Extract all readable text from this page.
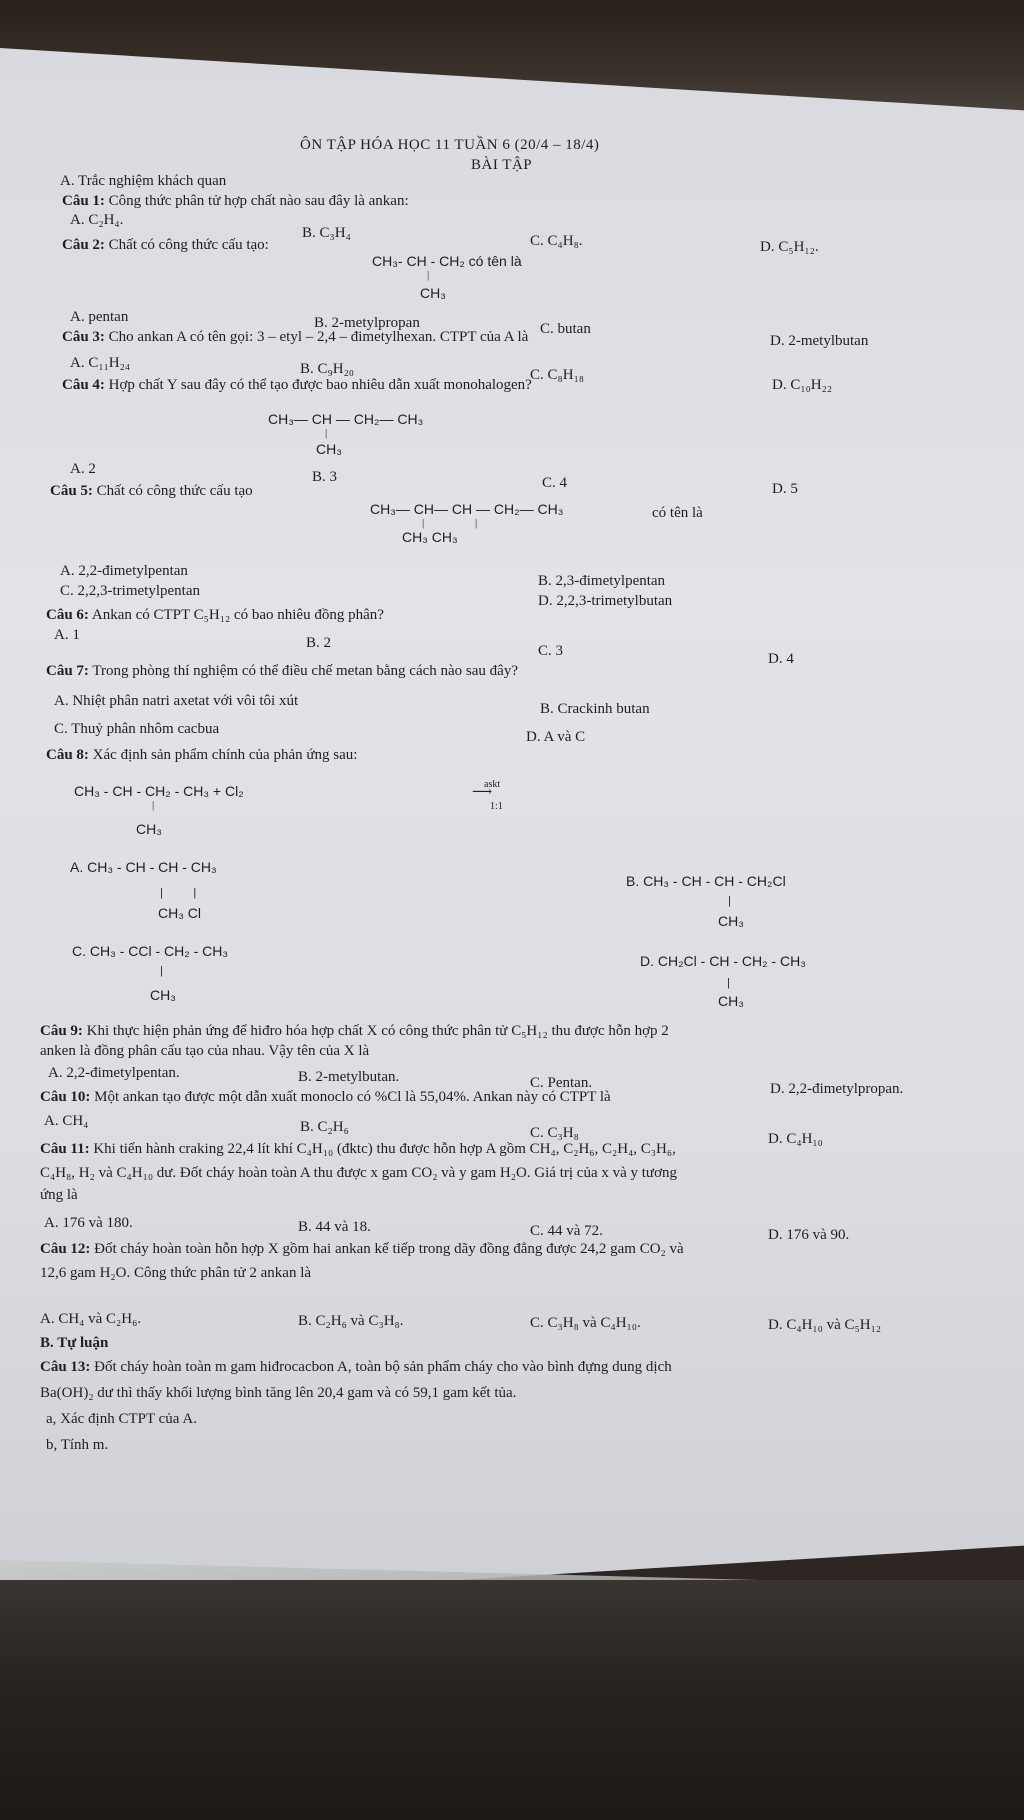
ÔN TẬP HÓA HỌC 11 TUẦN 6 (20/4 – 18/4)
BÀI TẬP
A. Trắc nghiệm khách quan
Câu 1: Công thức phân tử hợp chất nào sau đây là ankan:
A. C₂H₄.
B. C₃H₄	C. C₄H₈.	D. C₅H₁₂.
Câu 2: Chất có công thức cấu tạo:
CH₃- CH - CH₂ có tên là
|
CH₃
A. pentan	B. 2-metylpropan	C. butan
D. 2-metylbutan
Câu 3: Cho ankan A có tên gọi: 3 – etyl – 2,4 – đimetylhexan. CTPT của A là
A. C₁₁H₂₄	B. C₉H₂₀	C. C₈H₁₈
D. C₁₀H₂₂
Câu 4: Hợp chất Y sau đây có thể tạo được bao nhiêu dẫn xuất monohalogen?
CH₃— CH — CH₂— CH₃
|
CH₃
A. 2	B. 3	C. 4	D. 5
Câu 5: Chất có công thức cấu tạo
CH₃— CH— CH — CH₂— CH₃
|	|
CH₃ CH₃
có tên là
A. 2,2-đimetylpentan
B. 2,3-đimetylpentan
C. 2,2,3-trimetylpentan
D. 2,2,3-trimetylbutan
Câu 6: Ankan có CTPT C₅H₁₂ có bao nhiêu đồng phân?
A. 1	B. 2	C. 3	D. 4
Câu 7: Trong phòng thí nghiệm có thể điều chế metan bằng cách nào sau đây?
A. Nhiệt phân natri axetat với vôi tôi xút	B. Crackinh butan
C. Thuỷ phân nhôm cacbua	D. A và C
Câu 8: Xác định sản phẩm chính của phản ứng sau:
CH₃ - CH - CH₂ - CH₃ + Cl₂
|
CH₃
askt
⟶
1:1
A. CH₃ - CH - CH - CH₃
|          |
CH₃ Cl
B. CH₃ - CH - CH - CH₂Cl
|
CH₃
C. CH₃ - CCl - CH₂ - CH₃
|
CH₃
D. CH₂Cl - CH - CH₂ - CH₃
|
CH₃
Câu 9: Khi thực hiện phản ứng để hiđro hóa hợp chất X có công thức phân tử C₅H₁₂ thu được hỗn hợp 2
anken là đồng phân cấu tạo của nhau. Vậy tên của X là
A. 2,2-đimetylpentan.	B. 2-metylbutan.	C. Pentan.	D. 2,2-đimetylpropan.
Câu 10: Một ankan tạo được một dẫn xuất monoclo có %Cl là 55,04%. Ankan này có CTPT là
A. CH₄	B. C₂H₆	C. C₃H₈	D. C₄H₁₀
Câu 11: Khi tiến hành craking 22,4 lít khí C₄H₁₀ (đktc) thu được hỗn hợp A gồm CH₄, C₂H₆, C₂H₄, C₃H₆,
C₄H₈, H₂ và C₄H₁₀ dư. Đốt cháy hoàn toàn A thu được x gam CO₂ và y gam H₂O. Giá trị của x và y tương
ứng là
A. 176 và 180.	B. 44 và 18.	C. 44 và 72.	D. 176 và 90.
Câu 12: Đốt cháy hoàn toàn hỗn hợp X gồm hai ankan kế tiếp trong dãy đồng đẳng được 24,2 gam CO₂ và
12,6 gam H₂O. Công thức phân tử 2 ankan là
A. CH₄ và C₂H₆.	B. C₂H₆ và C₃H₈.	C. C₃H₈ và C₄H₁₀.	D. C₄H₁₀ và C₅H₁₂
B. Tự luận
Câu 13: Đốt cháy hoàn toàn m gam hiđrocacbon A, toàn bộ sản phẩm cháy cho vào bình đựng dung dịch
Ba(OH)₂ dư thì thấy khối lượng bình tăng lên 20,4 gam và có 59,1 gam kết tủa.
a, Xác định CTPT của A.
b, Tính m.
